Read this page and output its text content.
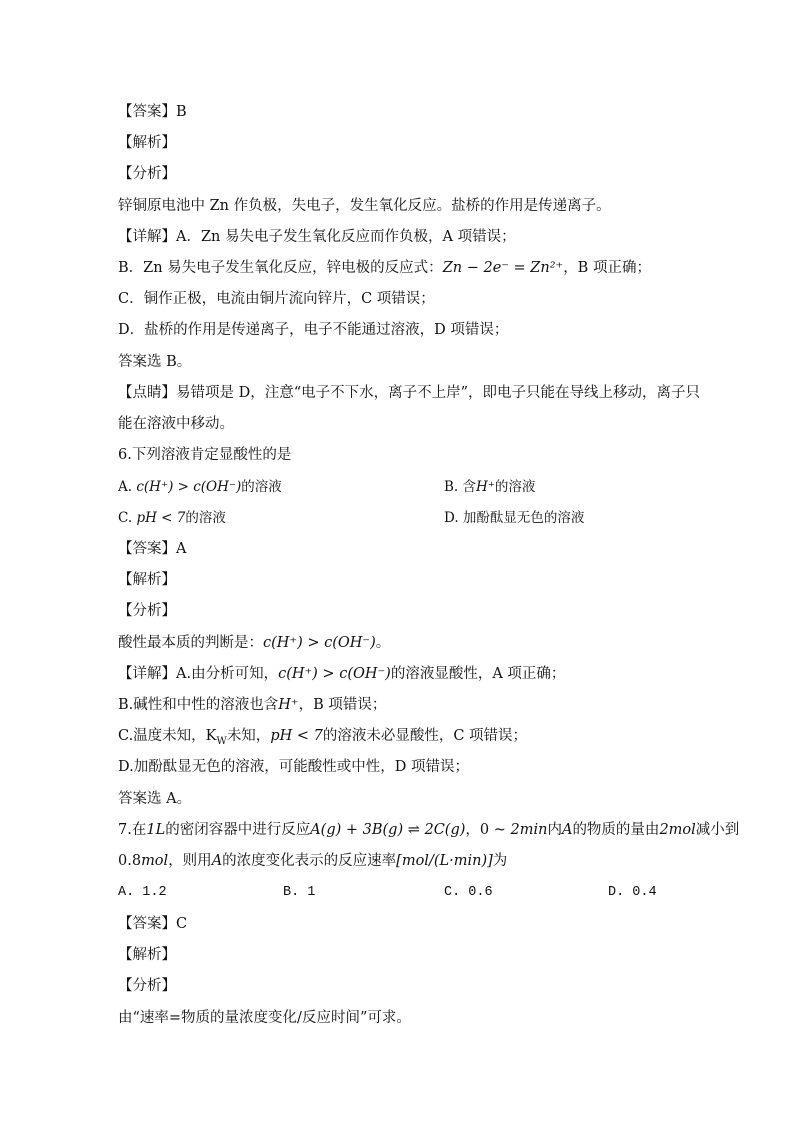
【答案】B
【解析】
【分析】
锌铜原电池中 Zn 作负极，失电子，发生氧化反应。盐桥的作用是传递离子。
【详解】A．Zn 易失电子发生氧化反应而作负极，A 项错误；
B．Zn 易失电子发生氧化反应，锌电极的反应式：Zn − 2e⁻ = Zn²⁺，B 项正确；
C．铜作正极，电流由铜片流向锌片，C 项错误；
D．盐桥的作用是传递离子，电子不能通过溶液，D 项错误；
答案选 B。
【点睛】易错项是 D，注意“电子不下水，离子不上岸”，即电子只能在导线上移动，离子只
能在溶液中移动。
6.下列溶液肯定显酸性的是
A. c(H⁺) > c(OH⁻)的溶液	B. 含H⁺的溶液
C. pH < 7的溶液	D. 加酚酞显无色的溶液
【答案】A
【解析】
【分析】
酸性最本质的判断是：c(H⁺) > c(OH⁻)。
【详解】A.由分析可知，c(H⁺) > c(OH⁻)的溶液显酸性，A 项正确；
B.碱性和中性的溶液也含H⁺，B 项错误；
C.温度未知，$K_W$未知，pH < 7的溶液未必显酸性，C 项错误；
D.加酚酞显无色的溶液，可能酸性或中性，D 项错误；
答案选 A。
7.在1L的密闭容器中进行反应A(g) + 3B(g) ⇌ 2C(g)，0 ~ 2min内A的物质的量由2mol减小到
0.8mol，则用A的浓度变化表示的反应速率[mol/(L·min)]为
A. 1.2	B. 1	C. 0.6	D. 0.4
【答案】C
【解析】
【分析】
由“速率=物质的量浓度变化/反应时间”可求。
